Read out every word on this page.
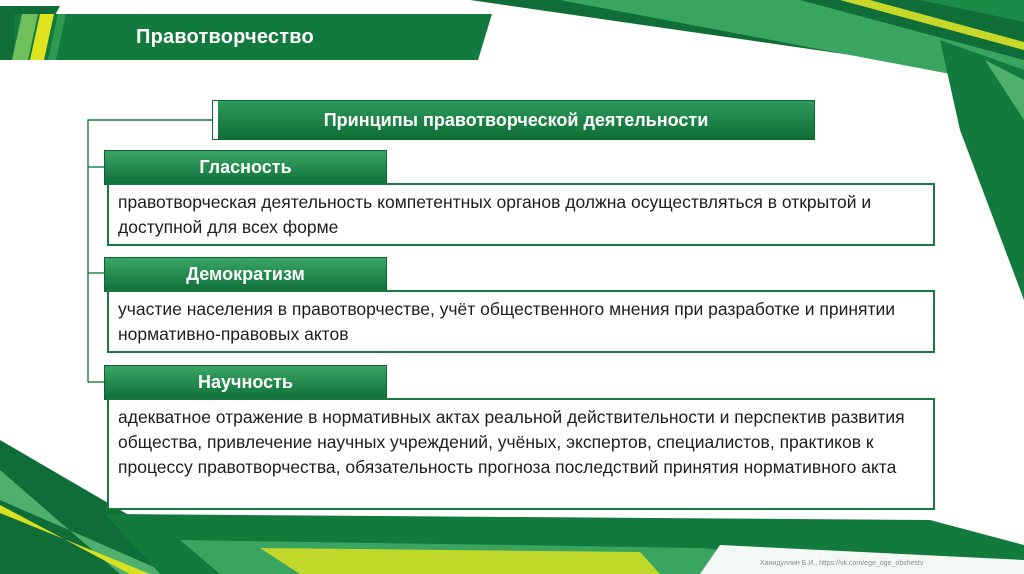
Правотворчество
Принципы правотворческой деятельности
Гласность
правотворческая деятельность компетентных органов должна осуществляться в открытой и доступной для всех форме
Демократизм
участие населения в правотворчестве, учёт общественного мнения при разработке и принятии нормативно-правовых актов
Научность
адекватное отражение в нормативных актах реальной действительности и перспектив развития общества, привлечение научных учреждений, учёных, экспертов, специалистов, практиков к процессу правотворчества, обязательность прогноза последствий принятия нормативного акта
Ханидуллин Б.И., https://vk.com/ege_oge_obshestv
